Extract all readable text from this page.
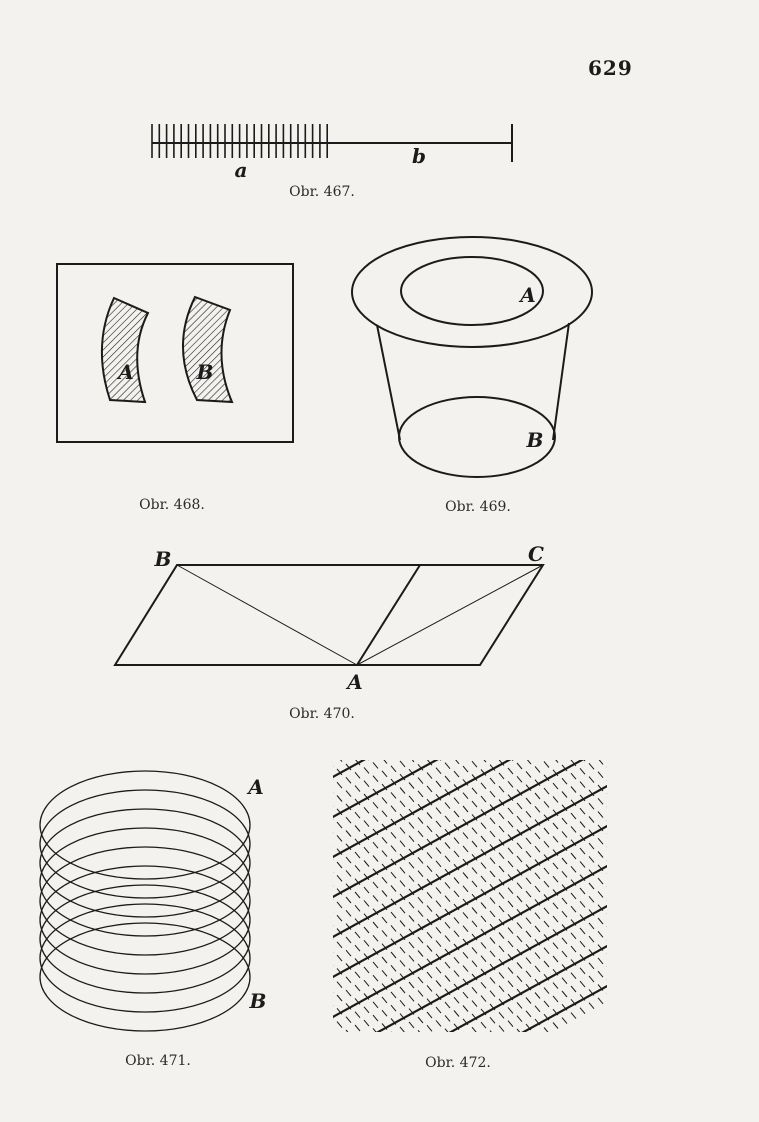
629
a
b
A	B
A
B
B	C
A
A
B
Obr. 467.
Obr. 468.	Obr. 469.
Obr. 470.
Obr. 471.	Obr. 472.
